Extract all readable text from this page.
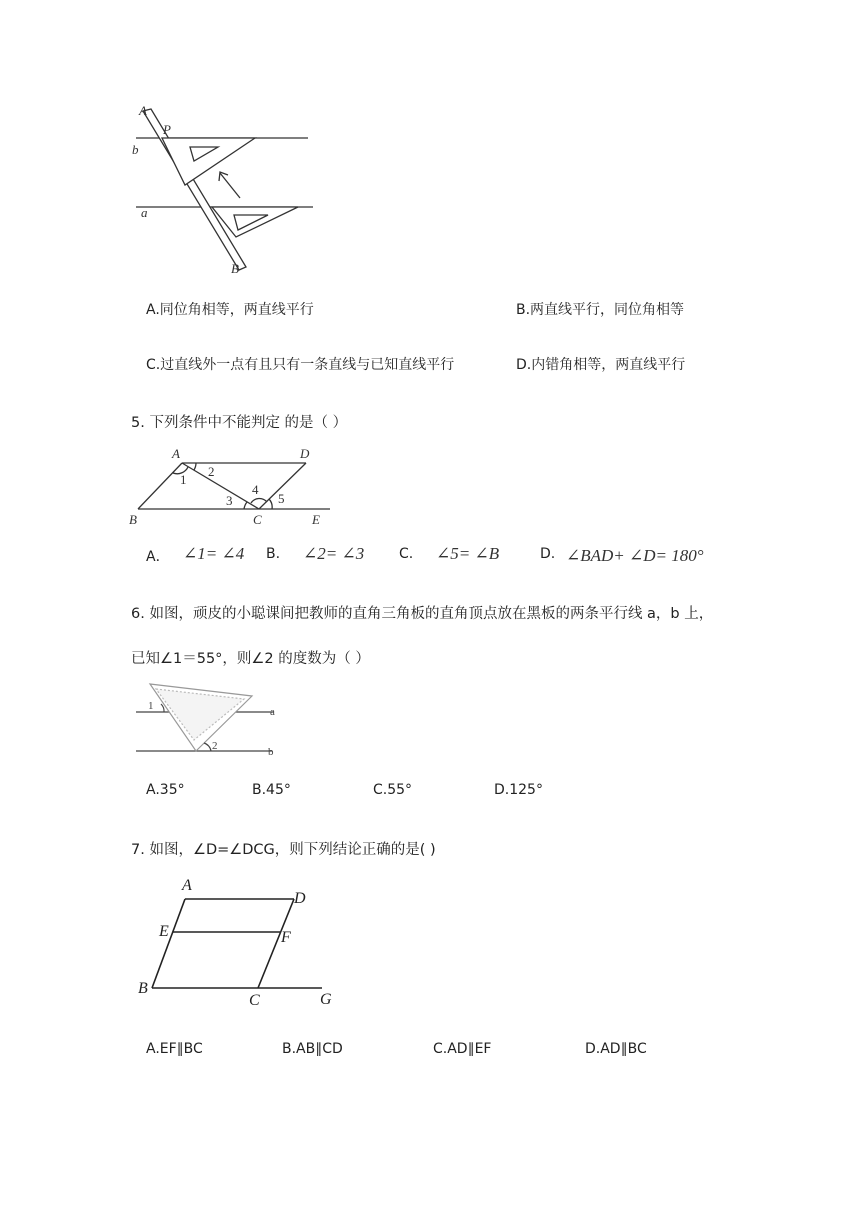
A
P
b
a
B
A.同位角相等，两直线平行	B.两直线平行，同位角相等
C.过直线外一点有且只有一条直线与已知直线平行	D.内错角相等，两直线平行
5. 下列条件中不能判定 的是（ ）
A	D
B	C	E
1
2
3
4
5
A． ∠1= ∠4 B. ∠2= ∠3 C. ∠5= ∠B	D. ∠BAD+ ∠D= 180°
6. 如图，顽皮的小聪课间把教师的直角三角板的直角顶点放在黑板的两条平行线 a，b 上，
已知∠1＝55°，则∠2 的度数为（ ）
1
2
a
b
A.35°	B.45°	C.55°	D.125°
7. 如图，∠D=∠DCG，则下列结论正确的是( )
A
D
E	F
B
C	G
A.EF∥BC	B.AB∥CD	C.AD∥EF	D.AD∥BC
